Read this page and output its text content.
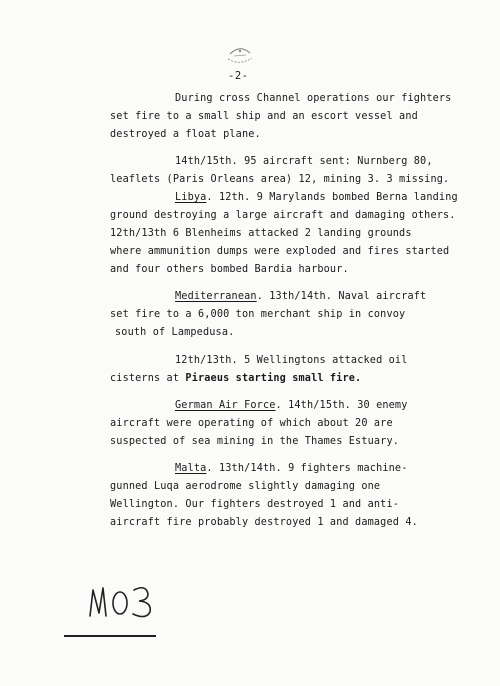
-2-
During cross Channel operations our fighters
set fire to a small ship and an escort vessel and
destroyed a float plane.
14th/15th. 95 aircraft sent: Nurnberg 80,
leaflets (Paris Orleans area) 12, mining 3. 3 missing.
Libya. 12th. 9 Marylands bombed Berna landing
ground destroying a large aircraft and damaging others.
12th/13th 6 Blenheims attacked 2 landing grounds
where ammunition dumps were exploded and fires started
and four others bombed Bardia harbour.
Mediterranean. 13th/14th. Naval aircraft
set fire to a 6,000 ton merchant ship in convoy
south of Lampedusa.
12th/13th. 5 Wellingtons attacked oil
cisterns at Piraeus starting small fire.
German Air Force. 14th/15th. 30 enemy
aircraft were operating of which about 20 are
suspected of sea mining in the Thames Estuary.
Malta. 13th/14th. 9 fighters machine-
gunned Luqa aerodrome slightly damaging one
Wellington. Our fighters destroyed 1 and anti-
aircraft fire probably destroyed 1 and damaged 4.
